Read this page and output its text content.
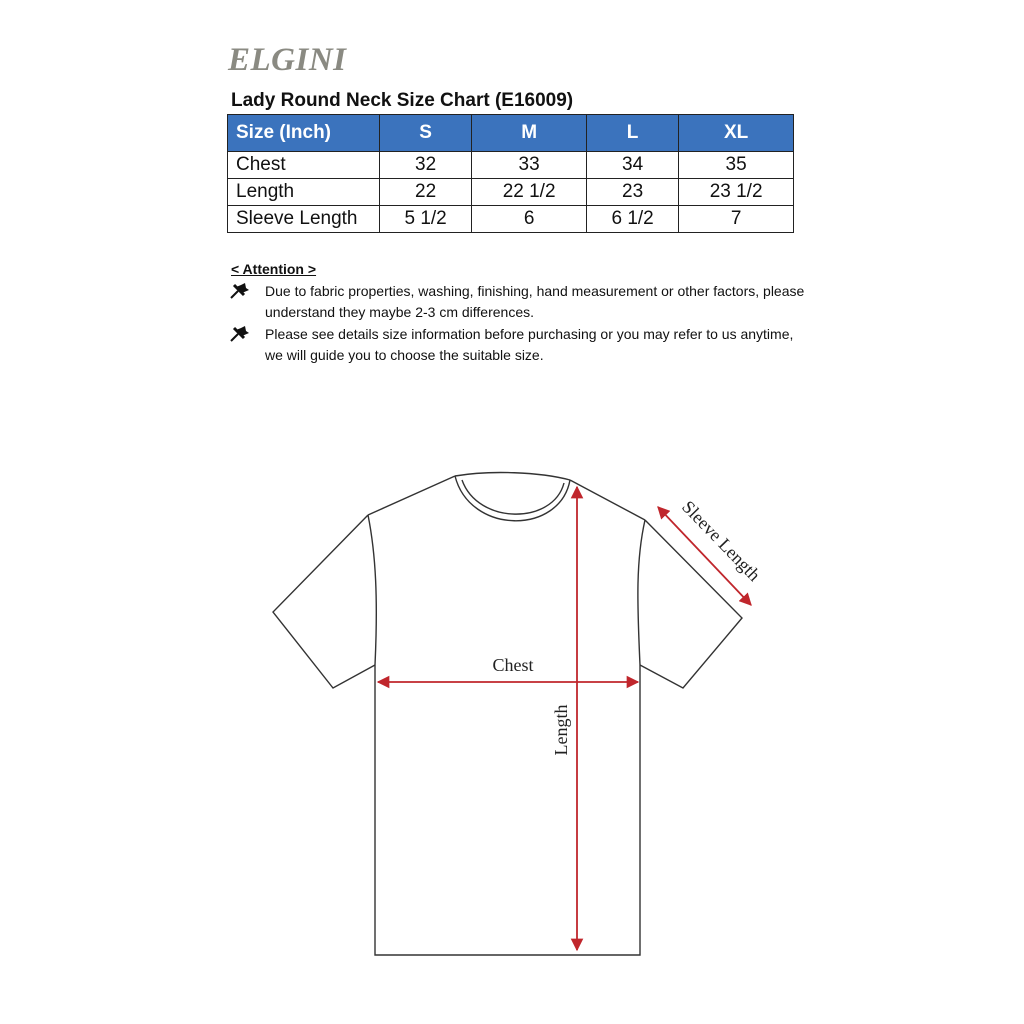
ELGINI
Lady Round Neck Size Chart (E16009)
Size (Inch)	S	M	L	XL
Chest	32	33	34	35
Length	22	22 1/2	23	23 1/2
Sleeve Length	5 1/2	6	6 1/2	7
< Attention >
Due to fabric properties, washing, finishing, hand measurement or other factors, please understand they maybe 2-3 cm differences.
Please see details size information before purchasing or you may refer to us anytime, we will guide you to choose the suitable size.
Chest
Length
Sleeve Length
